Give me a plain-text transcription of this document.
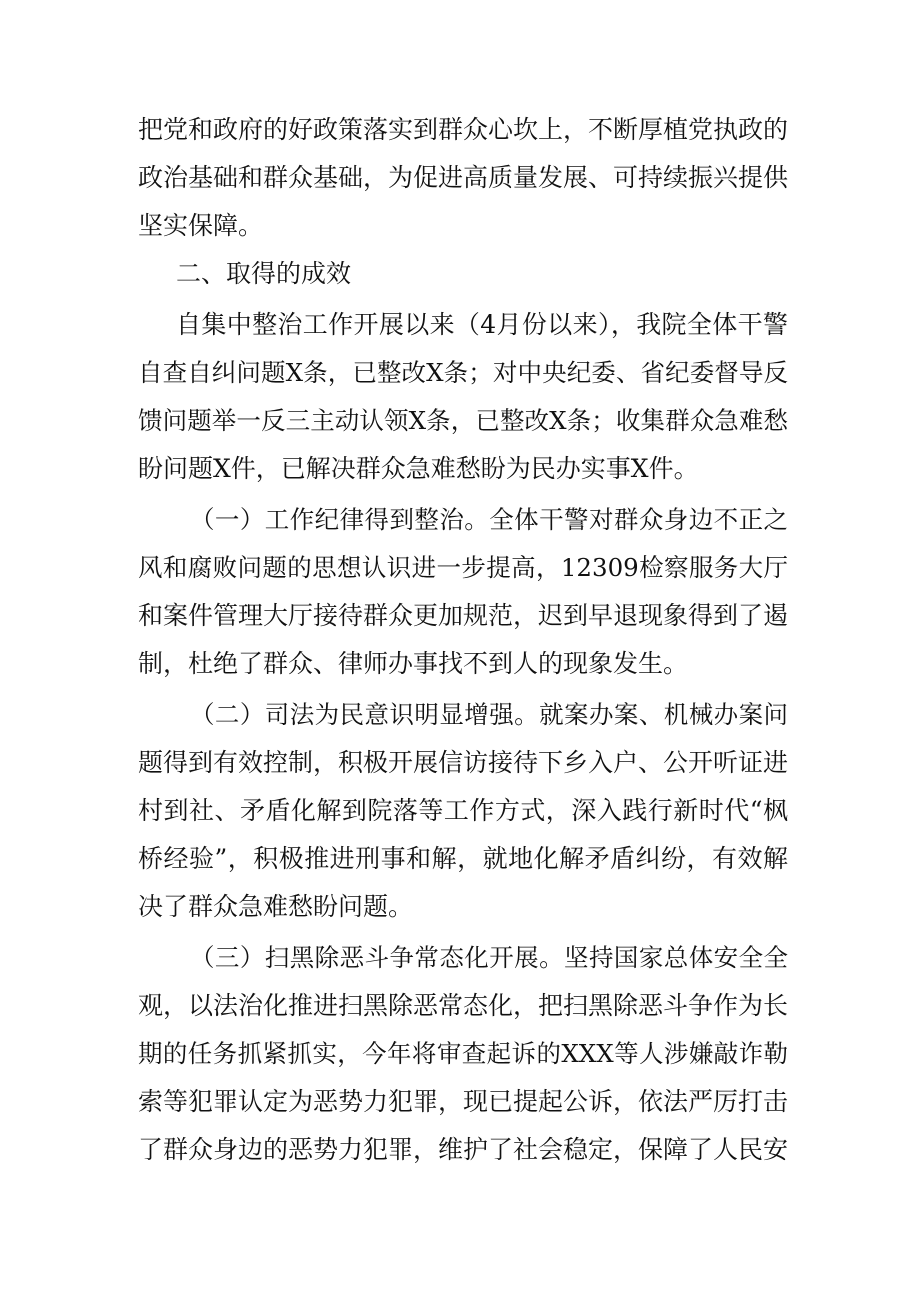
把党和政府的好政策落实到群众心坎上，不断厚植党执政的
政治基础和群众基础，为促进高质量发展、可持续振兴提供
坚实保障。
二、取得的成效
自集中整治工作开展以来（4月份以来），我院全体干警
自查自纠问题X条，已整改X条；对中央纪委、省纪委督导反
馈问题举一反三主动认领X条，已整改X条；收集群众急难愁
盼问题X件，已解决群众急难愁盼为民办实事X件。
（一）工作纪律得到整治。全体干警对群众身边不正之
风和腐败问题的思想认识进一步提高，12309检察服务大厅
和案件管理大厅接待群众更加规范，迟到早退现象得到了遏
制，杜绝了群众、律师办事找不到人的现象发生。
（二）司法为民意识明显增强。就案办案、机械办案问
题得到有效控制，积极开展信访接待下乡入户、公开听证进
村到社、矛盾化解到院落等工作方式，深入践行新时代“枫
桥经验”，积极推进刑事和解，就地化解矛盾纠纷，有效解
决了群众急难愁盼问题。
（三）扫黑除恶斗争常态化开展。坚持国家总体安全全
观，以法治化推进扫黑除恶常态化，把扫黑除恶斗争作为长
期的任务抓紧抓实，今年将审查起诉的XXX等人涉嫌敲诈勒
索等犯罪认定为恶势力犯罪，现已提起公诉，依法严厉打击
了群众身边的恶势力犯罪，维护了社会稳定，保障了人民安
